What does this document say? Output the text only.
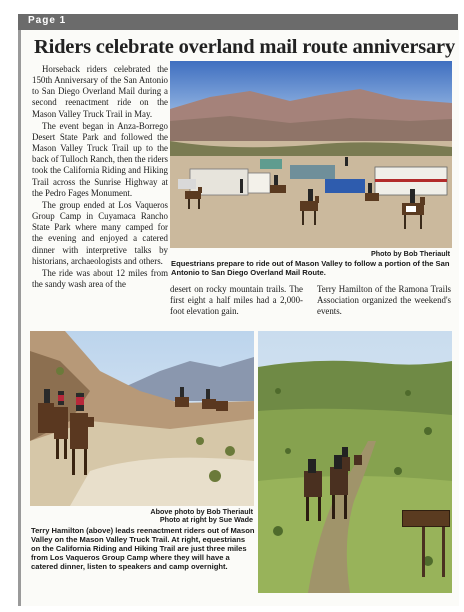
Page 1
Riders celebrate overland mail route anniversary

Horseback riders celebrated the 150th Anniversary of the San Antonio to San Diego Overland Mail during a second reenactment ride on the Mason Valley Truck Trail in May.

The event began in Anza-Borrego Desert State Park and followed the Mason Valley Truck Trail up to the back of Tulloch Ranch, then the riders took the California Riding and Hiking Trail across the Sunrise Highway at the Pedro Fages Monument.

The group ended at Los Vaqueros Group Camp in Cuyamaca Rancho State Park where many camped for the evening and enjoyed a catered dinner with interpretive talks by historians, archaeologists and others.

The ride was about 12 miles from the sandy wash area of the

Photo by Bob Theriault
Equestrians prepare to ride out of Mason Valley to follow a portion of the San Antonio to San Diego Overland Mail Route.
desert on rocky mountain trails. The first eight a half miles had a 2,000-foot elevation gain.
Terry Hamilton of the Ramona Trails Association organized the weekend's events.
Above photo by Bob Theriault
Photo at right by Sue Wade
Terry Hamilton (above) leads reenactment riders out of Mason Valley on the Mason Valley Truck Trail. At right, equestrians on the California Riding and Hiking Trail are just three miles from Los Vaqueros Group Camp where they will have a catered dinner, listen to speakers and camp overnight.
